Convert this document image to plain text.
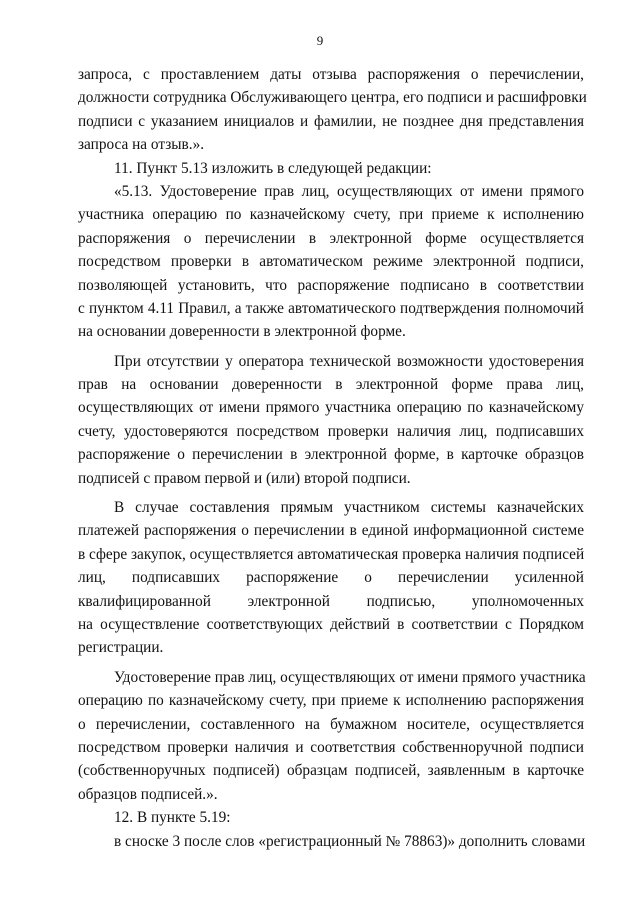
9
запроса, с проставлением даты отзыва распоряжения о перечислении,
должности сотрудника Обслуживающего центра, его подписи и расшифровки
подписи с указанием инициалов и фамилии, не позднее дня представления
запроса на отзыв.».
11. Пункт 5.13 изложить в следующей редакции:
«5.13. Удостоверение прав лиц, осуществляющих от имени прямого
участника операцию по казначейскому счету, при приеме к исполнению
распоряжения о перечислении в электронной форме осуществляется
посредством проверки в автоматическом режиме электронной подписи,
позволяющей установить, что распоряжение подписано в соответствии
с пунктом 4.11 Правил, а также автоматического подтверждения полномочий
на основании доверенности в электронной форме.
При отсутствии у оператора технической возможности удостоверения
прав на основании доверенности в электронной форме права лиц,
осуществляющих от имени прямого участника операцию по казначейскому
счету, удостоверяются посредством проверки наличия лиц, подписавших
распоряжение о перечислении в электронной форме, в карточке образцов
подписей с правом первой и (или) второй подписи.
В случае составления прямым участником системы казначейских
платежей распоряжения о перечислении в единой информационной системе
в сфере закупок, осуществляется автоматическая проверка наличия подписей
лиц, подписавших распоряжение о перечислении усиленной
квалифицированной электронной подписью, уполномоченных
на осуществление соответствующих действий в соответствии с Порядком
регистрации.
Удостоверение прав лиц, осуществляющих от имени прямого участника
операцию по казначейскому счету, при приеме к исполнению распоряжения
о перечислении, составленного на бумажном носителе, осуществляется
посредством проверки наличия и соответствия собственноручной подписи
(собственноручных подписей) образцам подписей, заявленным в карточке
образцов подписей.».
12. В пункте 5.19:
в сноске 3 после слов «регистрационный № 78863)» дополнить словами
